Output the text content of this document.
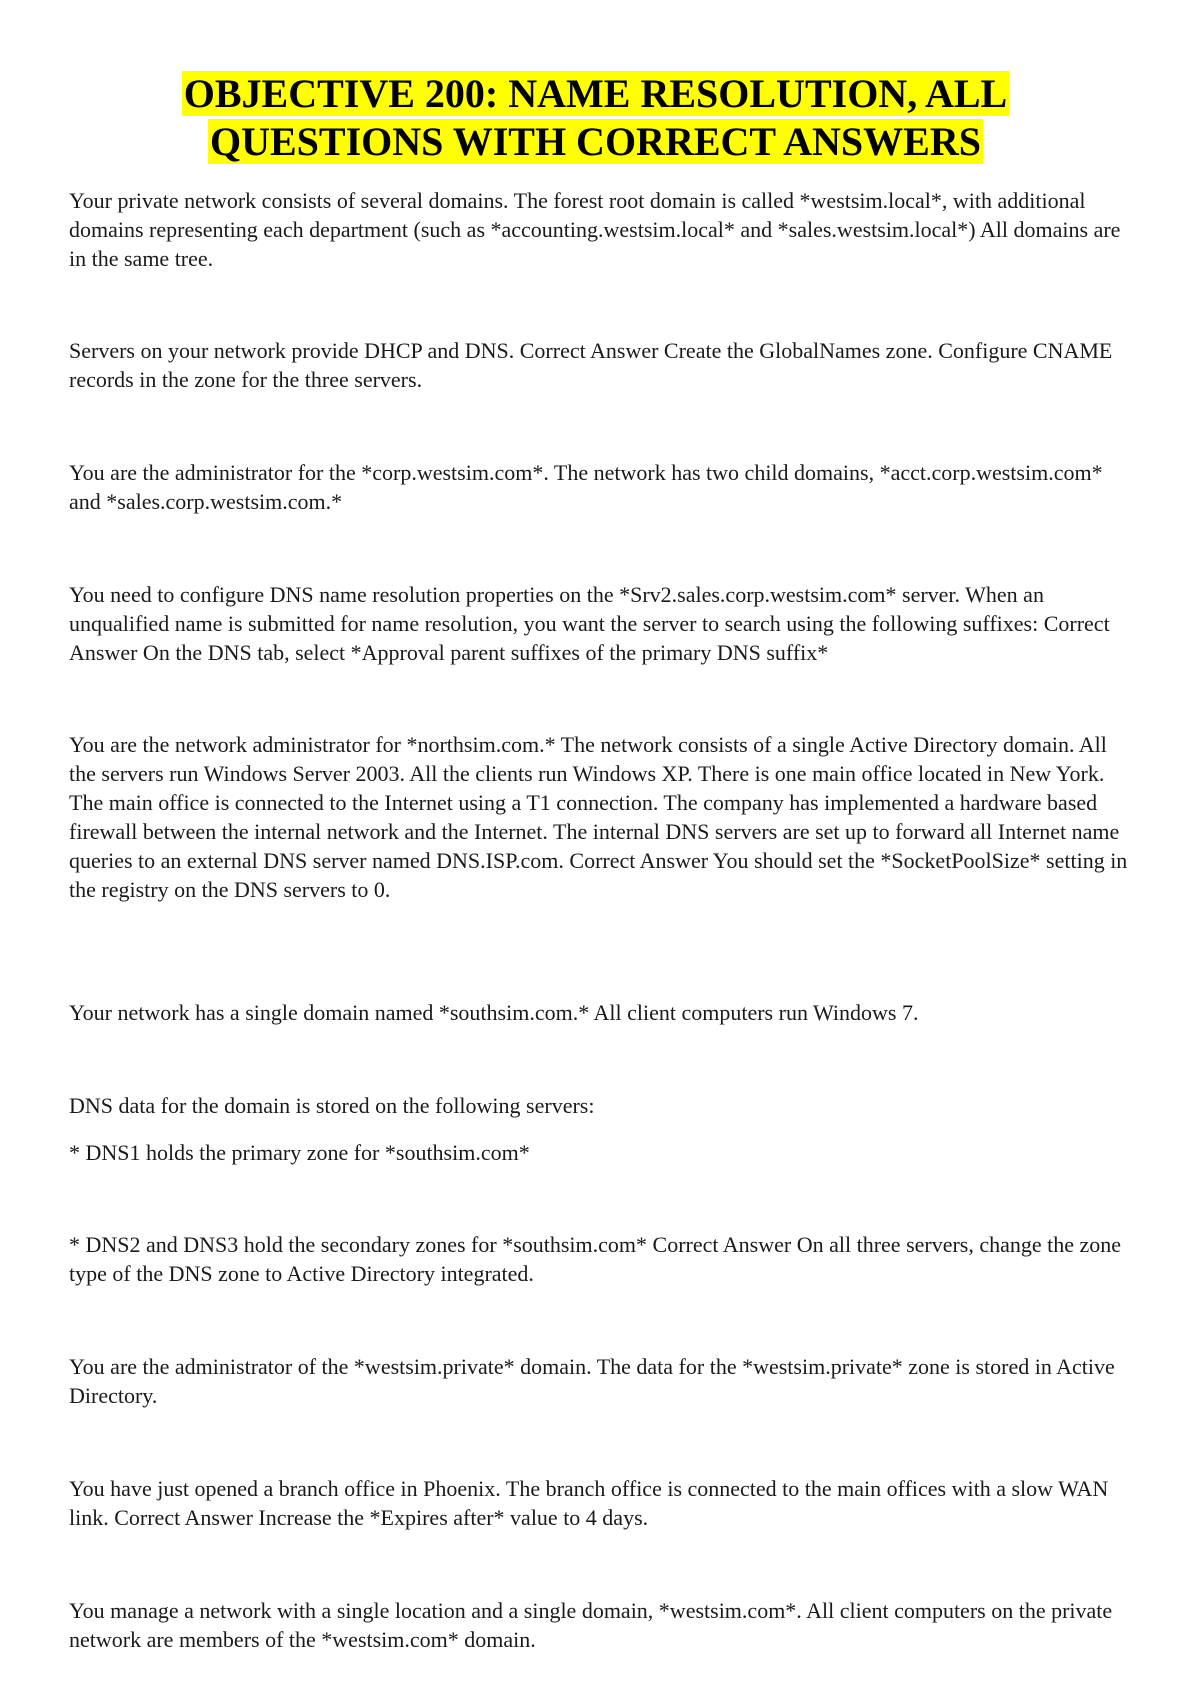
OBJECTIVE 200: NAME RESOLUTION, ALL
QUESTIONS WITH CORRECT ANSWERS

Your private network consists of several domains. The forest root domain is called *westsim.local*, with additional domains representing each department (such as *accounting.westsim.local* and *sales.westsim.local*) All domains are in the same tree.

Servers on your network provide DHCP and DNS. Correct Answer Create the GlobalNames zone. Configure CNAME records in the zone for the three servers.

You are the administrator for the *corp.westsim.com*. The network has two child domains, *acct.corp.westsim.com* and *sales.corp.westsim.com.*

You need to configure DNS name resolution properties on the *Srv2.sales.corp.westsim.com* server. When an unqualified name is submitted for name resolution, you want the server to search using the following suffixes: Correct Answer On the DNS tab, select *Approval parent suffixes of the primary DNS suffix*

You are the network administrator for *northsim.com.* The network consists of a single Active Directory domain. All the servers run Windows Server 2003. All the clients run Windows XP. There is one main office located in New York. The main office is connected to the Internet using a T1 connection. The company has implemented a hardware based firewall between the internal network and the Internet. The internal DNS servers are set up to forward all Internet name queries to an external DNS server named DNS.ISP.com. Correct Answer You should set the *SocketPoolSize* setting in the registry on the DNS servers to 0.

Your network has a single domain named *southsim.com.* All client computers run Windows 7.

DNS data for the domain is stored on the following servers:

* DNS1 holds the primary zone for *southsim.com*

* DNS2 and DNS3 hold the secondary zones for *southsim.com* Correct Answer On all three servers, change the zone type of the DNS zone to Active Directory integrated.

You are the administrator of the *westsim.private* domain. The data for the *westsim.private* zone is stored in Active Directory.

You have just opened a branch office in Phoenix. The branch office is connected to the main offices with a slow WAN link. Correct Answer Increase the *Expires after* value to 4 days.

You manage a network with a single location and a single domain, *westsim.com*. All client computers on the private network are members of the *westsim.com* domain.
